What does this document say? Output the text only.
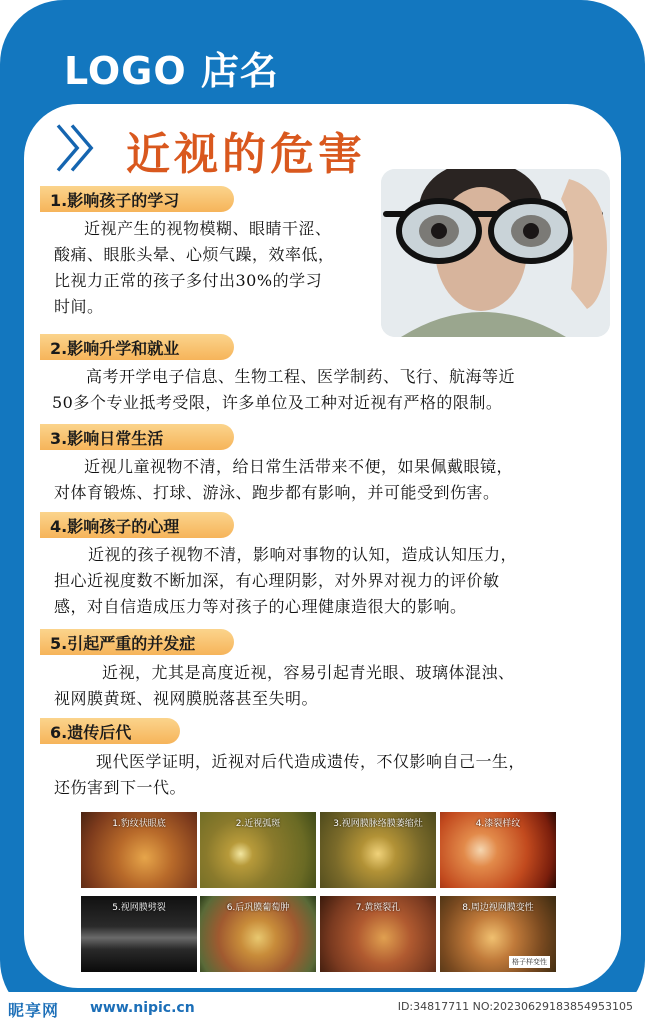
LOGO 店名
〉〉 近视的危害
1.影响孩子的学习
近视产生的视物模糊、眼睛干涩、
酸痛、眼胀头晕、心烦气躁，效率低，
比视力正常的孩子多付出30%的学习
时间。
2.影响升学和就业
高考开学电子信息、生物工程、医学制药、飞行、航海等近
50多个专业抵考受限，许多单位及工种对近视有严格的限制。
3.影响日常生活
近视儿童视物不清，给日常生活带来不便，如果佩戴眼镜，
对体育锻炼、打球、游泳、跑步都有影响，并可能受到伤害。
4.影响孩子的心理
近视的孩子视物不清，影响对事物的认知，造成认知压力，
担心近视度数不断加深，有心理阴影，对外界对视力的评价敏
感，对自信造成压力等对孩子的心理健康造很大的影响。
5.引起严重的并发症
近视，尤其是高度近视，容易引起青光眼、玻璃体混浊、
视网膜黄斑、视网膜脱落甚至失明。
6.遗传后代
现代医学证明，近视对后代造成遗传，不仅影响自己一生，
还伤害到下一代。
1.豹纹状眼底	2.近视弧斑	3.视网膜脉络膜萎缩灶	4.漆裂样纹
5.视网膜劈裂	6.后巩膜葡萄肿	7.黄斑裂孔	8.周边视网膜变性
格子样变性
昵享网 www.nipic.cn	ID:34817711 NO:20230629183854953105
